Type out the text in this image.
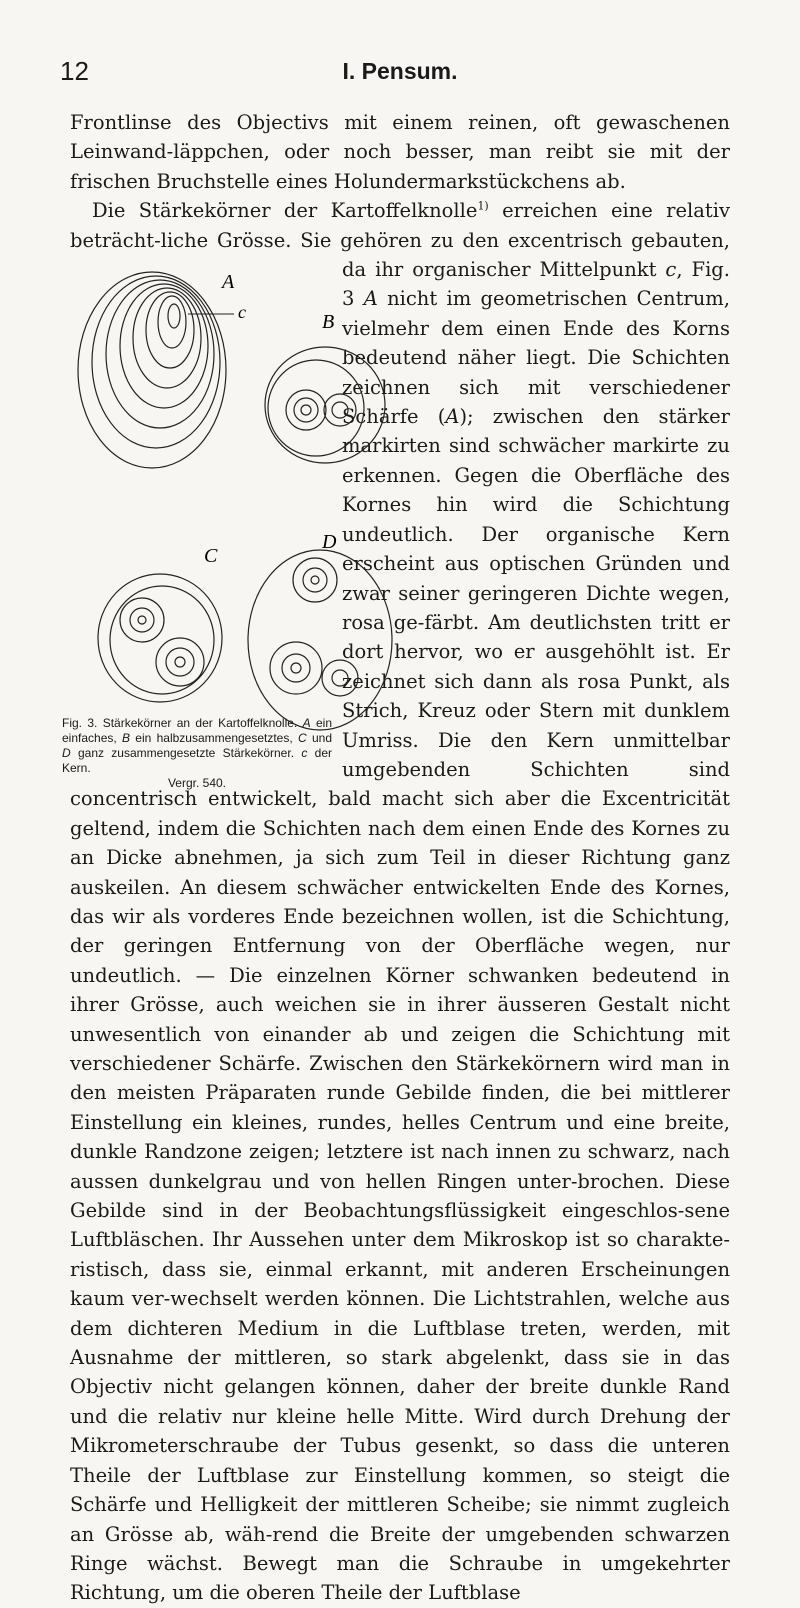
12	I. Pensum.

Frontlinse des Objectivs mit einem reinen, oft gewaschenen Leinwand-läppchen, oder noch besser, man reibt sie mit der frischen Bruchstelle eines Holundermarkstückchens ab.

Die Stärkekörner der Kartoffelknolle$^{1)}$ erreichen eine relativ beträcht-liche Grösse. Sie gehören zu den excentrisch gebauten, da ihr organischer Mittelpunkt c, Fig. 3 A nicht im geometrischen Centrum, vielmehr dem einen Ende des Korns bedeutend näher liegt. Die Schichten zeichnen sich mit verschiedener Schärfe (A); zwischen den stärker markirten sind schwächer markirte zu erkennen. Gegen die Oberfläche des Kornes hin wird die Schichtung undeutlich. Der organische Kern erscheint aus optischen Gründen und zwar seiner geringeren Dichte wegen, rosa ge-färbt. Am deutlichsten tritt er dort hervor, wo er ausgehöhlt ist. Er zeichnet sich dann als rosa Punkt, als Strich, Kreuz oder Stern mit dunklem Umriss. Die den Kern unmittelbar umgebenden Schichten sind concentrisch entwickelt, bald macht sich aber die Excentricität geltend, indem die Schichten nach dem einen Ende des Kornes zu an Dicke abnehmen, ja sich zum Teil in dieser Richtung ganz auskeilen. An diesem schwächer entwickelten Ende des Kornes, das wir als vorderes Ende bezeichnen wollen, ist die Schichtung, der geringen Entfernung von der Oberfläche wegen, nur undeutlich. — Die einzelnen Körner schwanken bedeutend in ihrer Grösse, auch weichen sie in ihrer äusseren Gestalt nicht unwesentlich von einander ab und zeigen die Schichtung mit verschiedener Schärfe. Zwischen den Stärkekörnern wird man in den meisten Präparaten runde Gebilde finden, die bei mittlerer Einstellung ein kleines, rundes, helles Centrum und eine breite, dunkle Randzone zeigen; letztere ist nach innen zu schwarz, nach aussen dunkelgrau und von hellen Ringen unter-brochen. Diese Gebilde sind in der Beobachtungsflüssigkeit eingeschlos-sene Luftbläschen. Ihr Aussehen unter dem Mikroskop ist so charakte-ristisch, dass sie, einmal erkannt, mit anderen Erscheinungen kaum ver-wechselt werden können. Die Lichtstrahlen, welche aus dem dichteren Medium in die Luftblase treten, werden, mit Ausnahme der mittleren, so stark abgelenkt, dass sie in das Objectiv nicht gelangen können, daher der breite dunkle Rand und die relativ nur kleine helle Mitte. Wird durch Drehung der Mikrometerschraube der Tubus gesenkt, so dass die unteren Theile der Luftblase zur Einstellung kommen, so steigt die Schärfe und Helligkeit der mittleren Scheibe; sie nimmt zugleich an Grösse ab, wäh-rend die Breite der umgebenden schwarzen Ringe wächst. Bewegt man die Schraube in umgekehrter Richtung, um die oberen Theile der Luftblase

A
c	B
C
D
Fig. 3. Stärkekörner an der Kartoffelknolle. A ein einfaches, B ein halbzusammengesetztes, C und D ganz zusammengesetzte Stärkekörner. c der Kern.
Vergr. 540.
